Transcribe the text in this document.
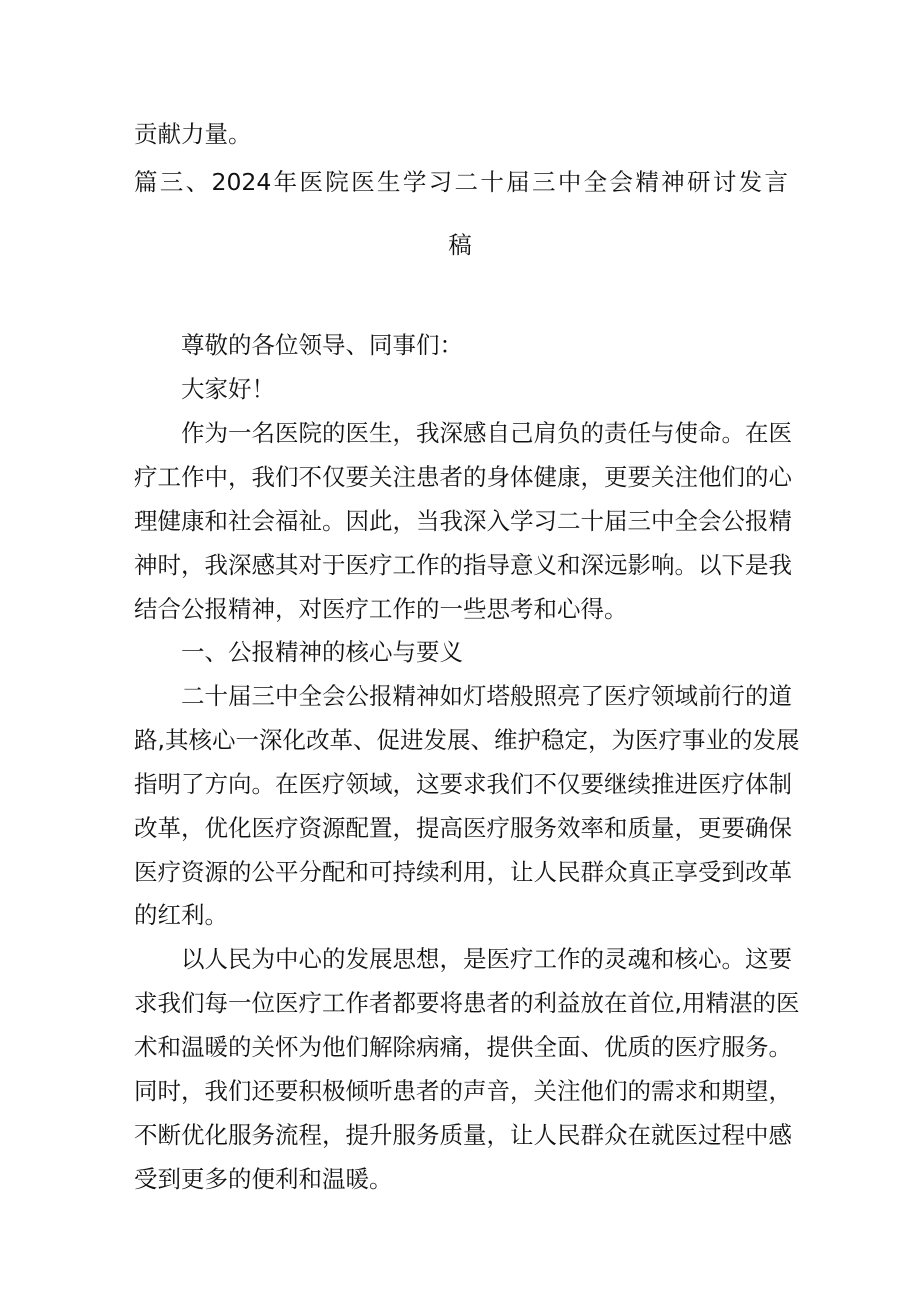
贡献力量。

篇三、2024年医院医生学习二十届三中全会精神研讨发言

稿

尊敬的各位领导、同事们：

大家好！

作为一名医院的医生，我深感自己肩负的责任与使命。在医

疗工作中，我们不仅要关注患者的身体健康，更要关注他们的心

理健康和社会福祉。因此，当我深入学习二十届三中全会公报精

神时，我深感其对于医疗工作的指导意义和深远影响。以下是我

结合公报精神，对医疗工作的一些思考和心得。

一、公报精神的核心与要义

二十届三中全会公报精神如灯塔般照亮了医疗领域前行的道

路,其核心一深化改革、促进发展、维护稳定，为医疗事业的发展

指明了方向。在医疗领域，这要求我们不仅要继续推进医疗体制

改革，优化医疗资源配置，提高医疗服务效率和质量，更要确保

医疗资源的公平分配和可持续利用，让人民群众真正享受到改革

的红利。

以人民为中心的发展思想，是医疗工作的灵魂和核心。这要

求我们每一位医疗工作者都要将患者的利益放在首位,用精湛的医

术和温暖的关怀为他们解除病痛，提供全面、优质的医疗服务。

同时，我们还要积极倾听患者的声音，关注他们的需求和期望，

不断优化服务流程，提升服务质量，让人民群众在就医过程中感

受到更多的便利和温暖。
